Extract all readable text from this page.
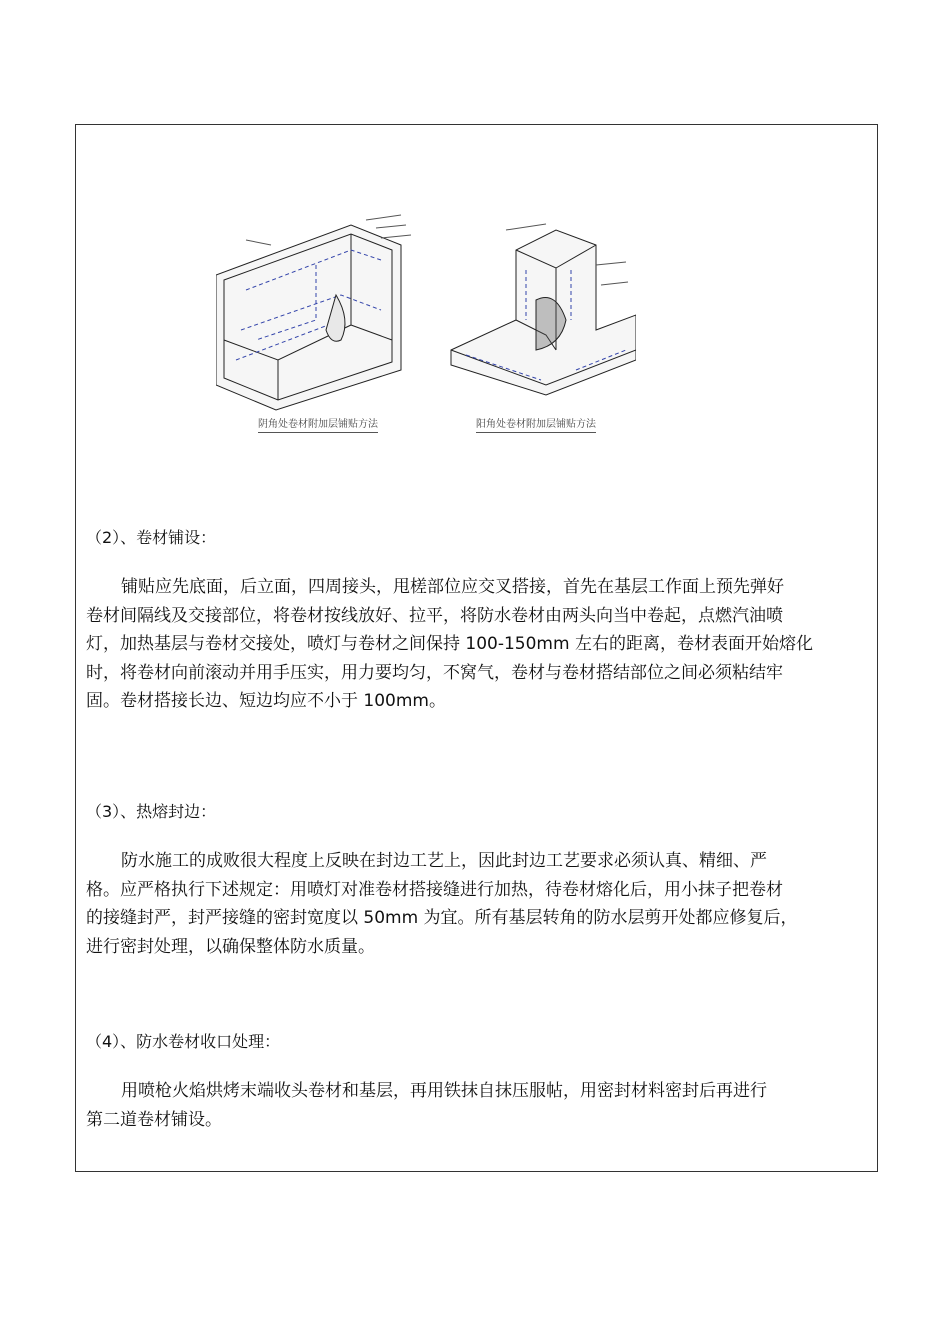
阴角处卷材附加层铺贴方法	阳角处卷材附加层铺贴方法
（2）、卷材铺设：

铺贴应先底面，后立面，四周接头，甩槎部位应交叉搭接，首先在基层工作面上预先弹好
卷材间隔线及交接部位，将卷材按线放好、拉平，将防水卷材由两头向当中卷起，点燃汽油喷
灯，加热基层与卷材交接处，喷灯与卷材之间保持 100-150mm 左右的距离，卷材表面开始熔化
时，将卷材向前滚动并用手压实，用力要均匀，不窝气，卷材与卷材搭结部位之间必须粘结牢
固。卷材搭接长边、短边均应不小于 100mm。

（3）、热熔封边：

防水施工的成败很大程度上反映在封边工艺上，因此封边工艺要求必须认真、精细、严
格。应严格执行下述规定：用喷灯对准卷材搭接缝进行加热，待卷材熔化后，用小抹子把卷材
的接缝封严，封严接缝的密封宽度以 50mm 为宜。所有基层转角的防水层剪开处都应修复后，
进行密封处理，以确保整体防水质量。

（4）、防水卷材收口处理：

用喷枪火焰烘烤末端收头卷材和基层，再用铁抹自抹压服帖，用密封材料密封后再进行
第二道卷材铺设。
